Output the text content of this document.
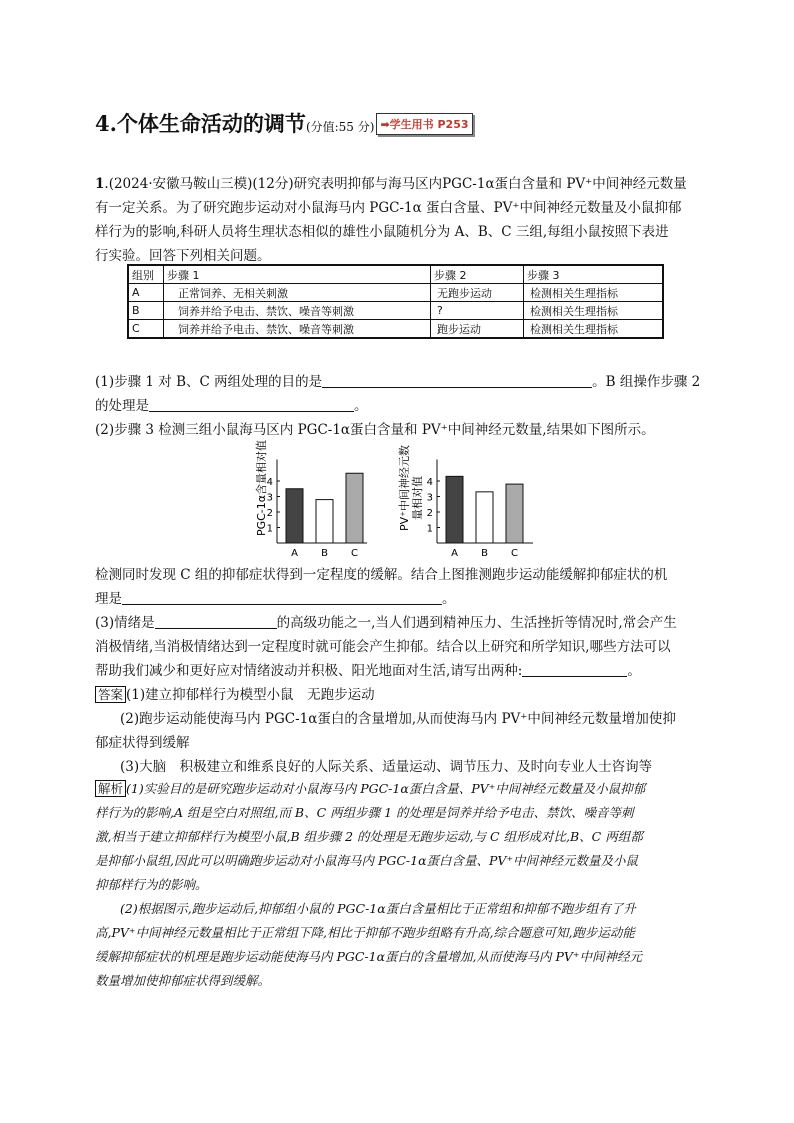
4.个体生命活动的调节(分值:55 分) ➡学生用书 P253
1.(2024·安徽马鞍山三模)(12分)研究表明抑郁与海马区内PGC-1α蛋白含量和 PV⁺中间神经元数量
有一定关系。为了研究跑步运动对小鼠海马内 PGC-1α 蛋白含量、PV⁺中间神经元数量及小鼠抑郁
样行为的影响,科研人员将生理状态相似的雄性小鼠随机分为 A、B、C 三组,每组小鼠按照下表进
行实验。回答下列相关问题。
组别	步骤 1	步骤 2	步骤 3
A	正常饲养、无相关刺激	无跑步运动	检测相关生理指标
B	饲养并给予电击、禁饮、噪音等刺激	?	检测相关生理指标
C	饲养并给予电击、禁饮、噪音等刺激	跑步运动	检测相关生理指标
(1)步骤 1 对 B、C 两组处理的目的是	。B 组操作步骤 2
的处理是	。
(2)步骤 3 检测三组小鼠海马区内 PGC-1α蛋白含量和 PV⁺中间神经元数量,结果如下图所示。
1
2
3
4
A B C
PGC-1α含量相对值	1
2
3
4
A B C
PV⁺中间神经元数 量相对值
检测同时发现 C 组的抑郁症状得到一定程度的缓解。结合上图推测跑步运动能缓解抑郁症状的机
理是	。
(3)情绪是	的高级功能之一,当人们遇到精神压力、生活挫折等情况时,常会产生
消极情绪,当消极情绪达到一定程度时就可能会产生抑郁。结合以上研究和所学知识,哪些方法可以
帮助我们减少和更好应对情绪波动并积极、阳光地面对生活,请写出两种:	。
答案 (1)建立抑郁样行为模型小鼠　无跑步运动
(2)跑步运动能使海马内 PGC-1α蛋白的含量增加,从而使海马内 PV⁺中间神经元数量增加使抑
郁症状得到缓解
(3)大脑　积极建立和维系良好的人际关系、适量运动、调节压力、及时向专业人士咨询等
解析 (1)实验目的是研究跑步运动对小鼠海马内 PGC-1α蛋白含量、PV⁺中间神经元数量及小鼠抑郁
样行为的影响,A 组是空白对照组,而 B、C 两组步骤 1 的处理是饲养并给予电击、禁饮、噪音等刺
激,相当于建立抑郁样行为模型小鼠,B 组步骤 2 的处理是无跑步运动,与 C 组形成对比,B、C 两组都
是抑郁小鼠组,因此可以明确跑步运动对小鼠海马内 PGC-1α蛋白含量、PV⁺中间神经元数量及小鼠
抑郁样行为的影响。
(2)根据图示,跑步运动后,抑郁组小鼠的 PGC-1α蛋白含量相比于正常组和抑郁不跑步组有了升
高,PV⁺中间神经元数量相比于正常组下降,相比于抑郁不跑步组略有升高,综合题意可知,跑步运动能
缓解抑郁症状的机理是跑步运动能使海马内 PGC-1α蛋白的含量增加,从而使海马内 PV⁺中间神经元
数量增加使抑郁症状得到缓解。
